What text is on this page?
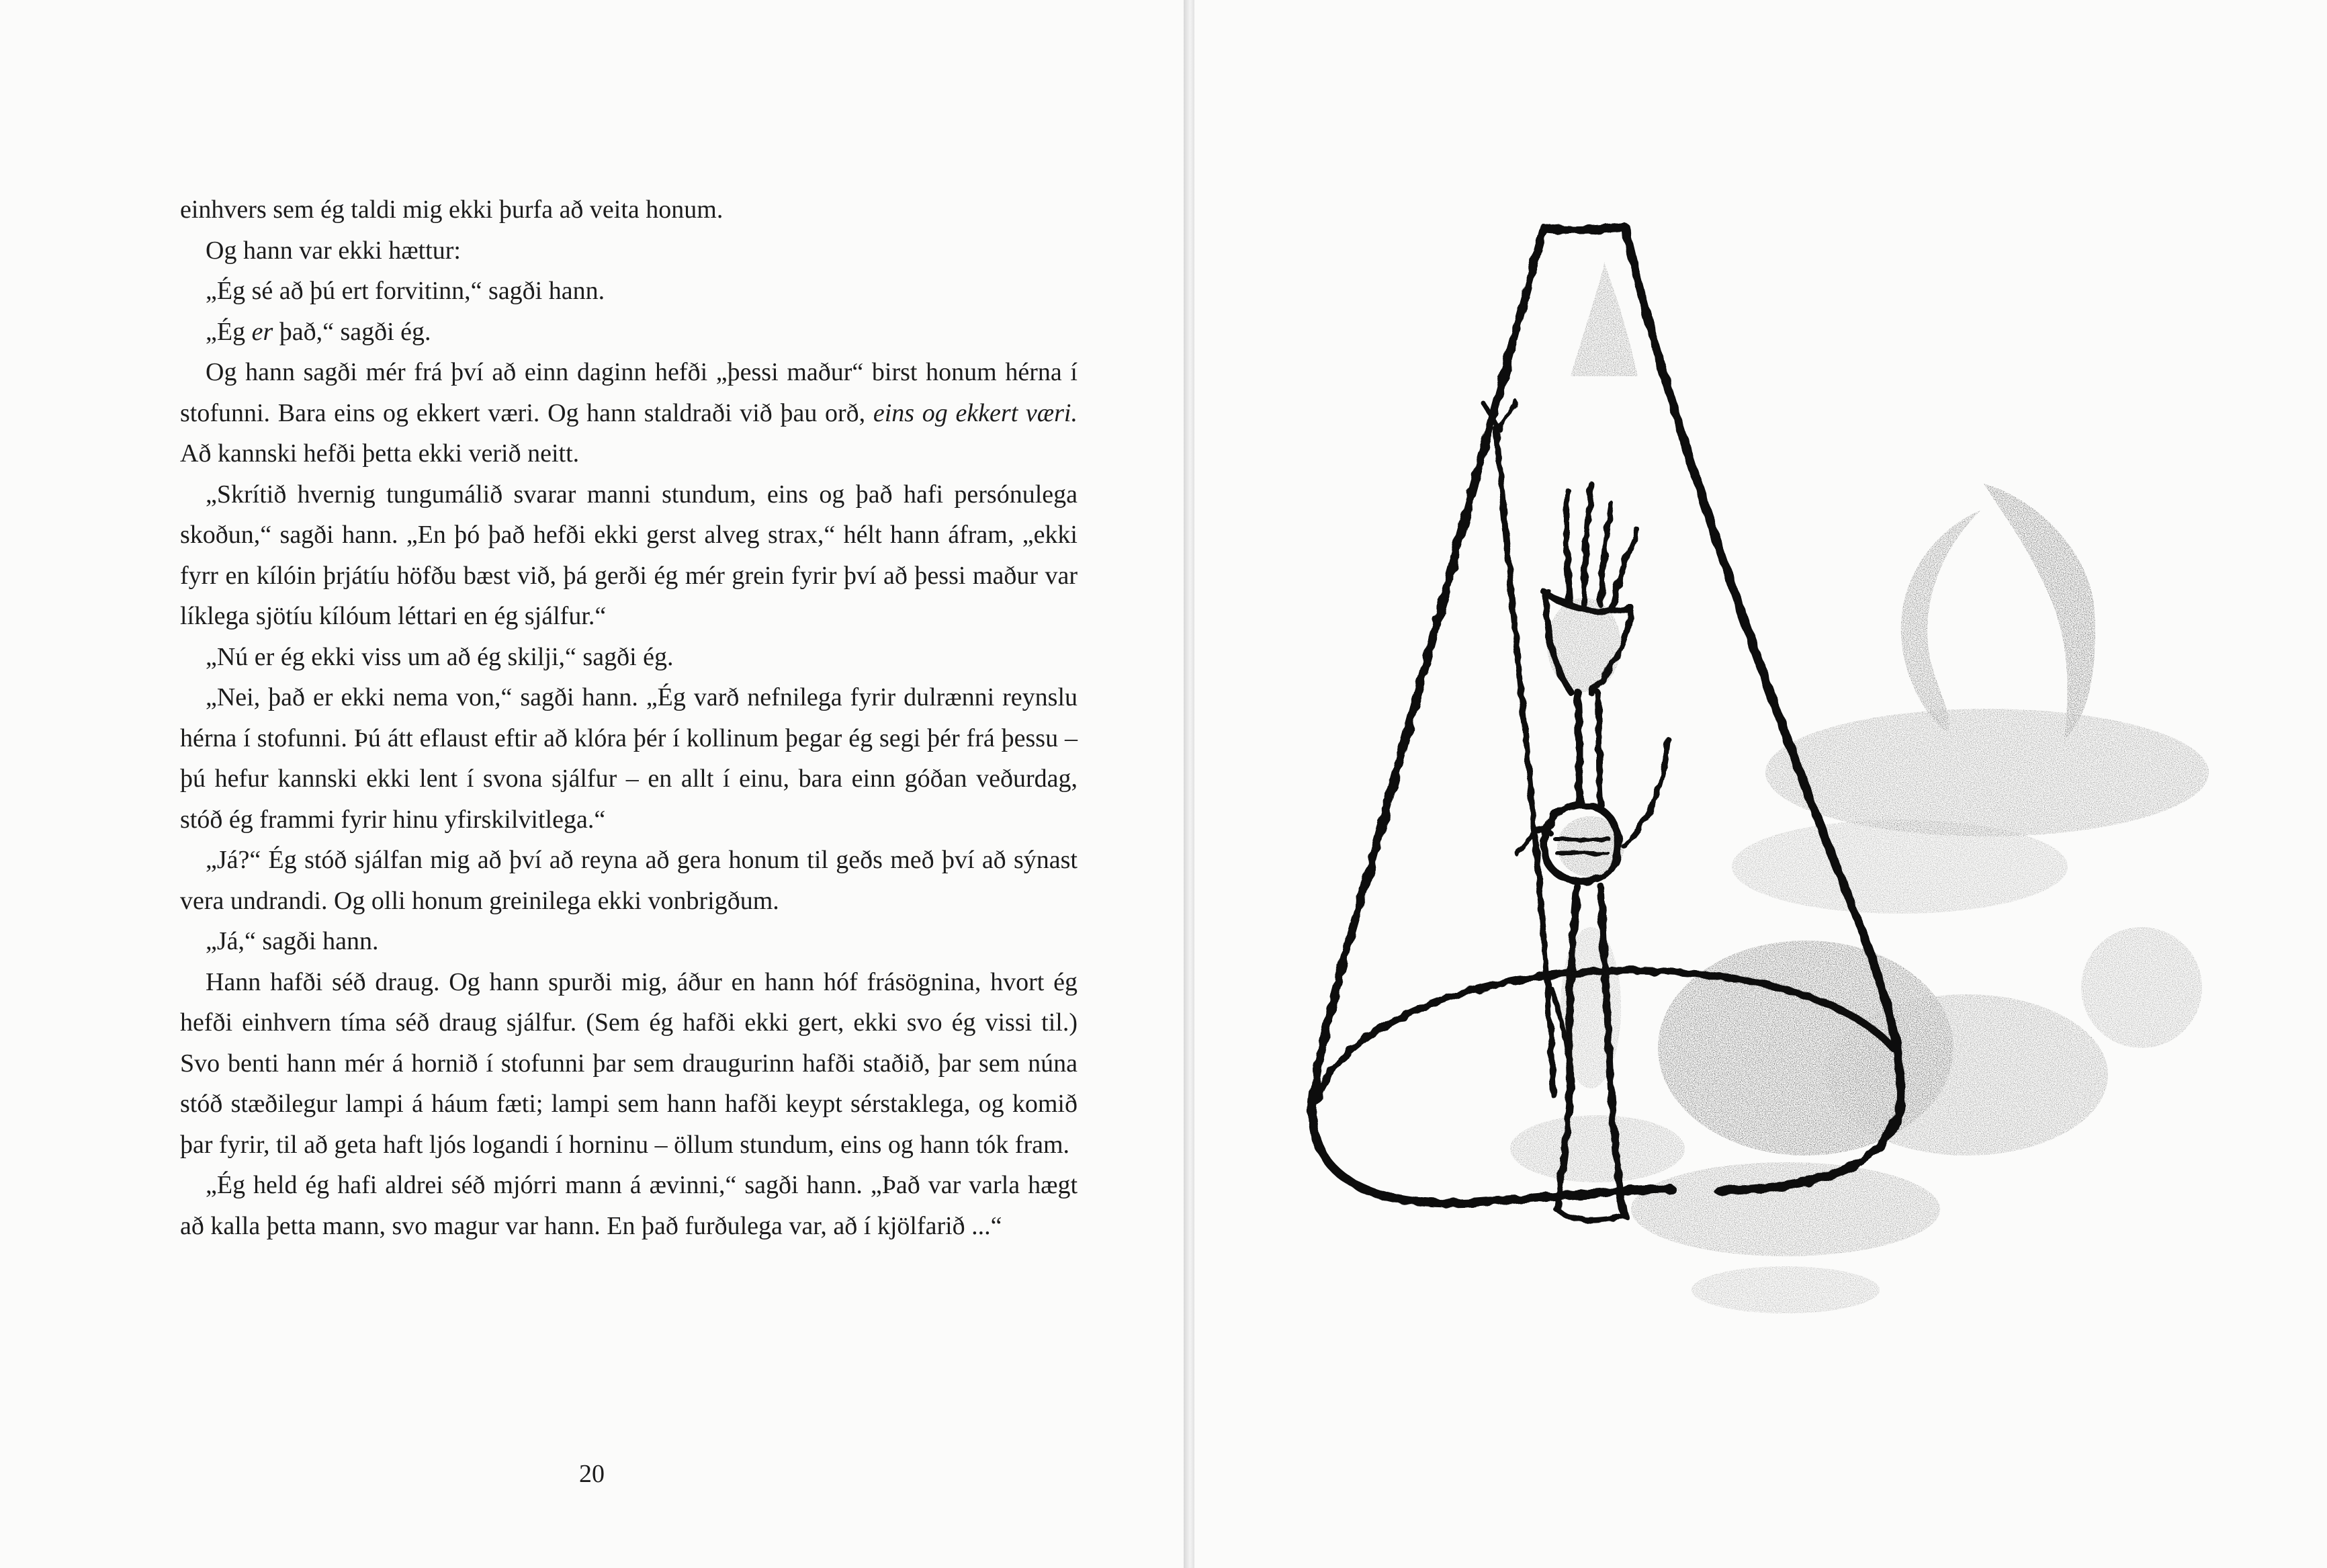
einhvers sem ég taldi mig ekki þurfa að veita honum.

Og hann var ekki hættur:

„Ég sé að þú ert forvitinn,“ sagði hann.

„Ég er það,“ sagði ég.

Og hann sagði mér frá því að einn daginn hefði „þessi maður“ birst honum hérna í stofunni. Bara eins og ekkert væri. Og hann staldraði við þau orð, eins og ekkert væri. Að kannski hefði þetta ekki verið neitt.

„Skrítið hvernig tungumálið svarar manni stundum, eins og það hafi persónulega skoðun,“ sagði hann. „En þó það hefði ekki gerst alveg strax,“ hélt hann áfram, „ekki fyrr en kílóin þrjátíu höfðu bæst við, þá gerði ég mér grein fyrir því að þessi maður var líklega sjötíu kílóum léttari en ég sjálfur.“

„Nú er ég ekki viss um að ég skilji,“ sagði ég.

„Nei, það er ekki nema von,“ sagði hann. „Ég varð nefnilega fyrir dulrænni reynslu hérna í stofunni. Þú átt eflaust eftir að klóra þér í kollinum þegar ég segi þér frá þessu – þú hefur kannski ekki lent í svona sjálfur – en allt í einu, bara einn góðan veðurdag, stóð ég frammi fyrir hinu yfirskilvitlega.“

„Já?“ Ég stóð sjálfan mig að því að reyna að gera honum til geðs með því að sýnast vera undrandi. Og olli honum greinilega ekki vonbrigðum.

„Já,“ sagði hann.

Hann hafði séð draug. Og hann spurði mig, áður en hann hóf frásögnina, hvort ég hefði einhvern tíma séð draug sjálfur. (Sem ég hafði ekki gert, ekki svo ég vissi til.) Svo benti hann mér á hornið í stofunni þar sem draugurinn hafði staðið, þar sem núna stóð stæðilegur lampi á háum fæti; lampi sem hann hafði keypt sérstaklega, og komið þar fyrir, til að geta haft ljós logandi í horninu – öllum stundum, eins og hann tók fram.

„Ég held ég hafi aldrei séð mjórri mann á ævinni,“ sagði hann. „Það var varla hægt að kalla þetta mann, svo magur var hann. En það furðulega var, að í kjölfarið ...“

20
